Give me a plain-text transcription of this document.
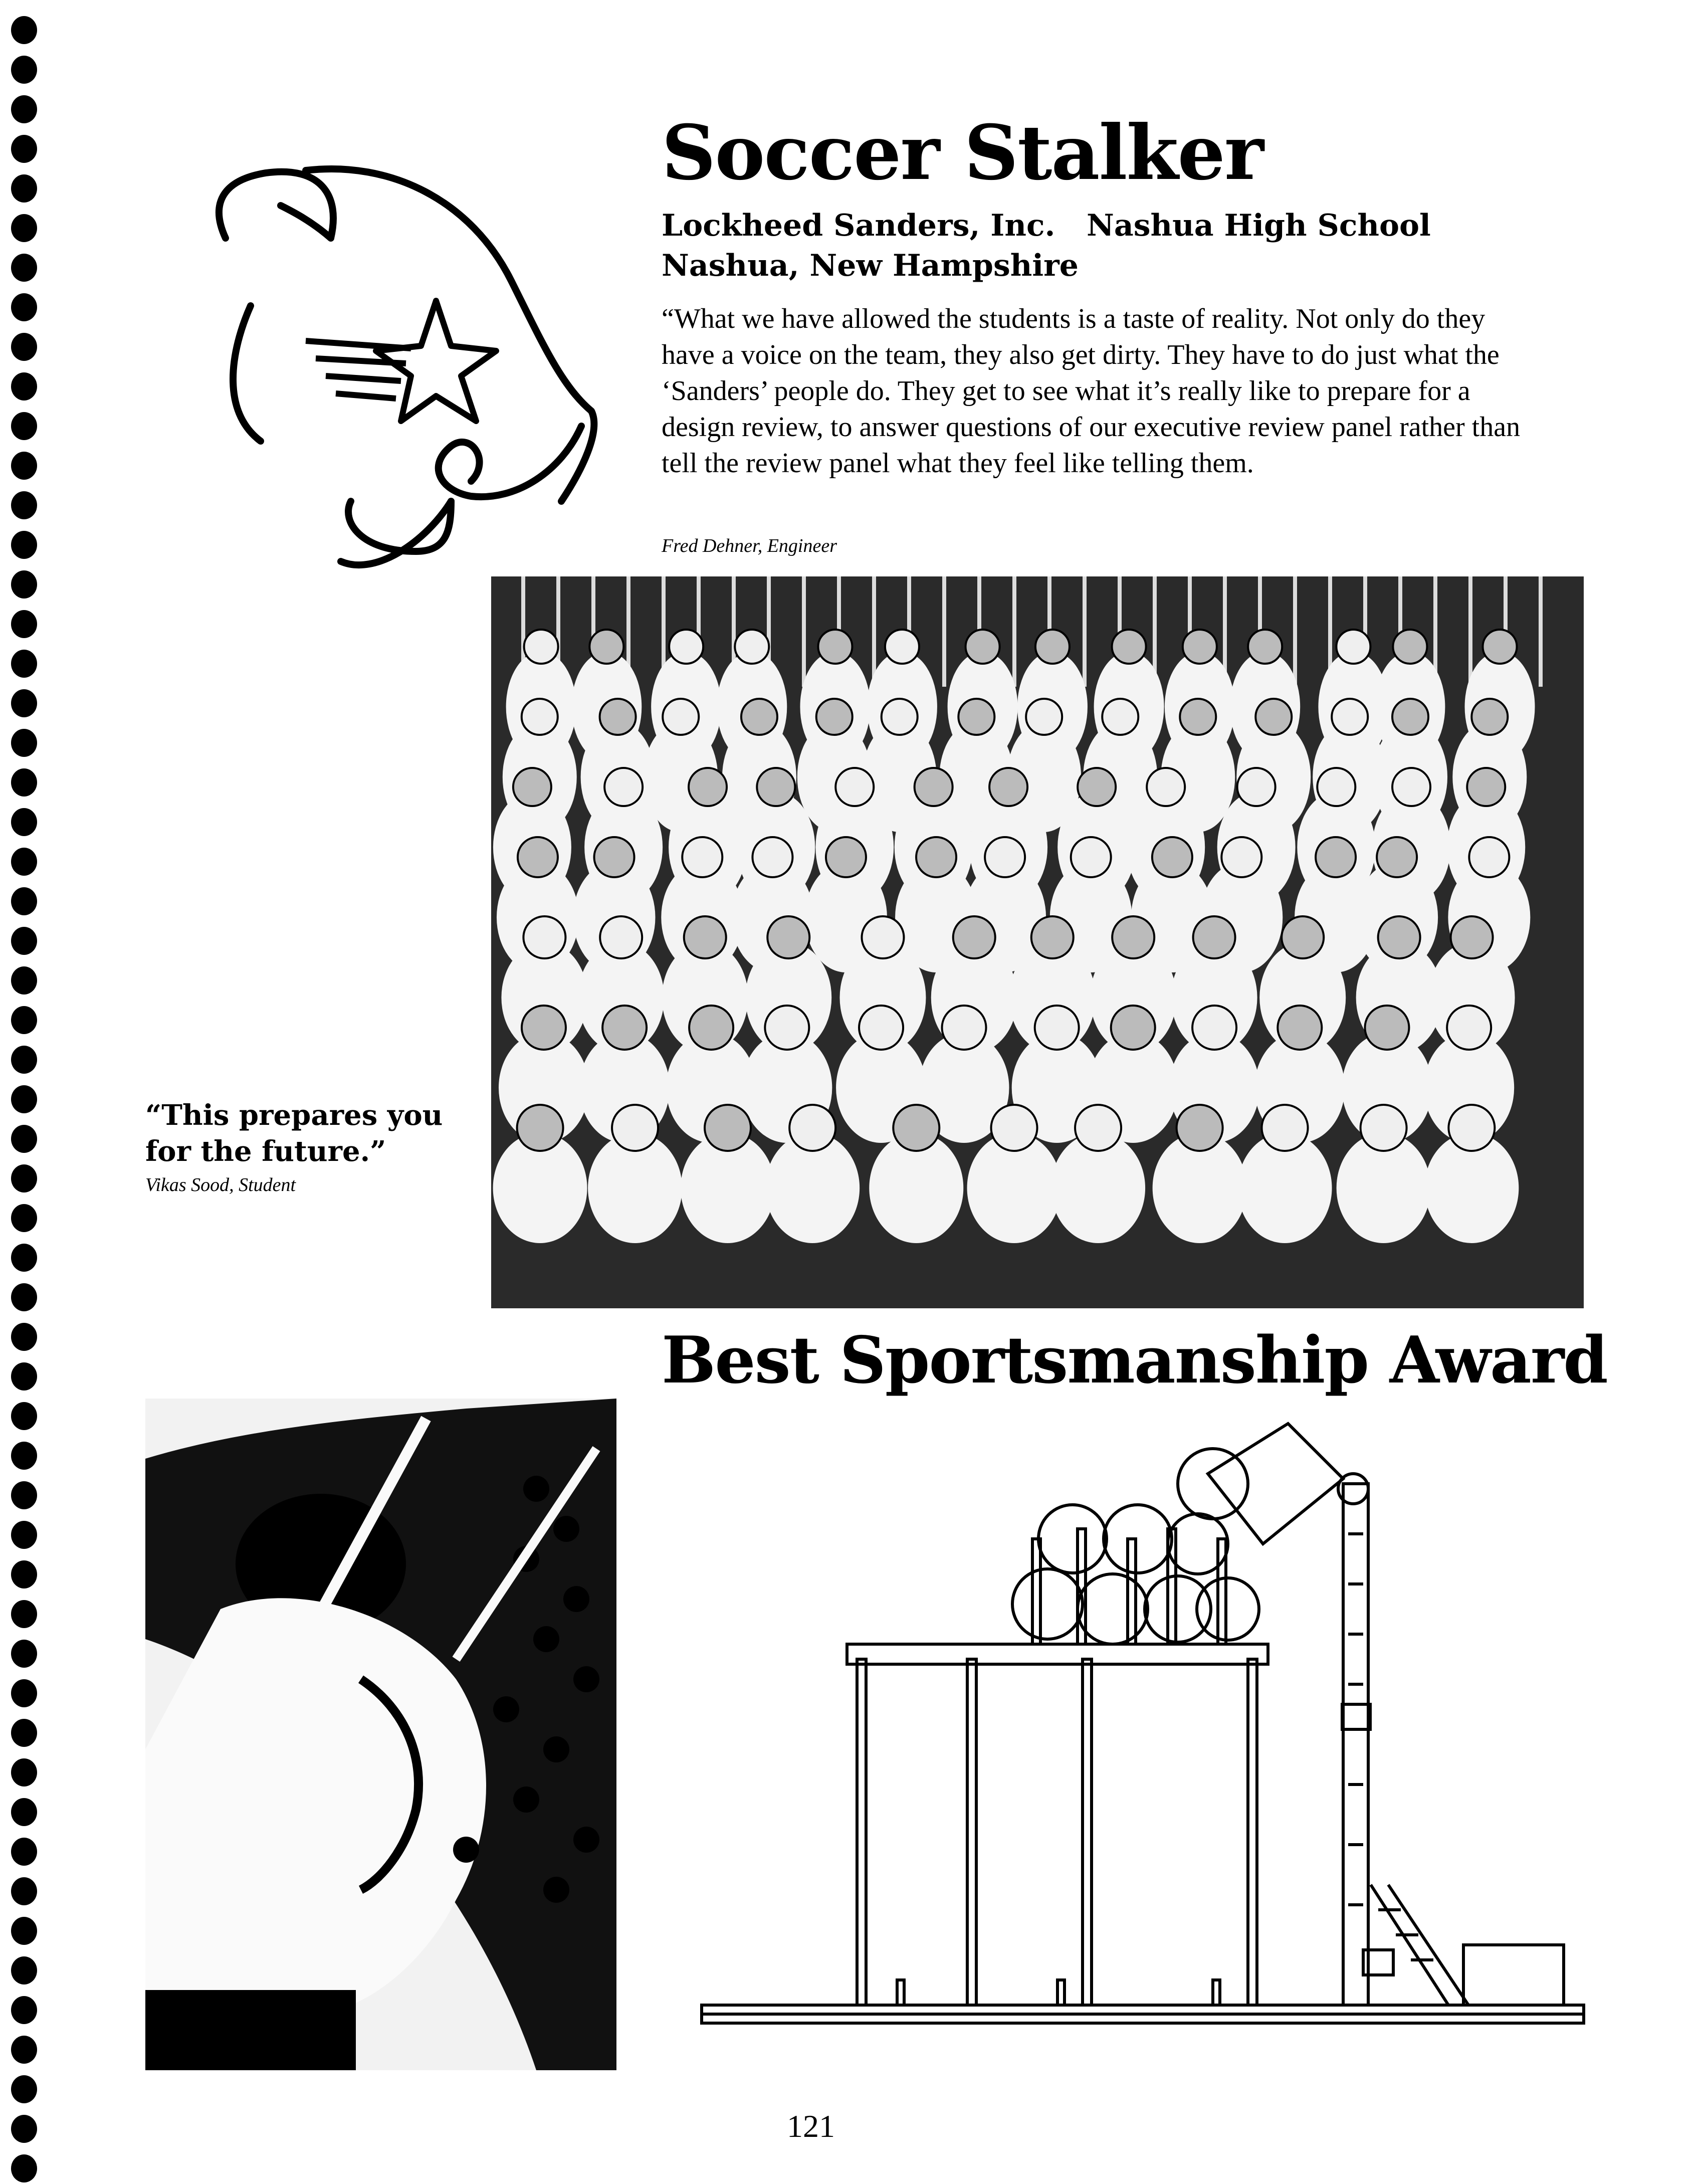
Soccer Stalker
Lockheed Sanders, Inc.   Nashua High School
Nashua, New Hampshire
“What we have allowed the students is a taste of reality. Not only do they have a voice on the team, they also get dirty. They have to do just what the ‘Sanders’ people do. They get to see what it’s really like to prepare for a design review, to answer questions of our executive review panel rather than tell the review panel what they feel like telling them.
Fred Dehner, Engineer
“This prepares you
for the future.”
Vikas Sood, Student
Best Sportsmanship Award
121
